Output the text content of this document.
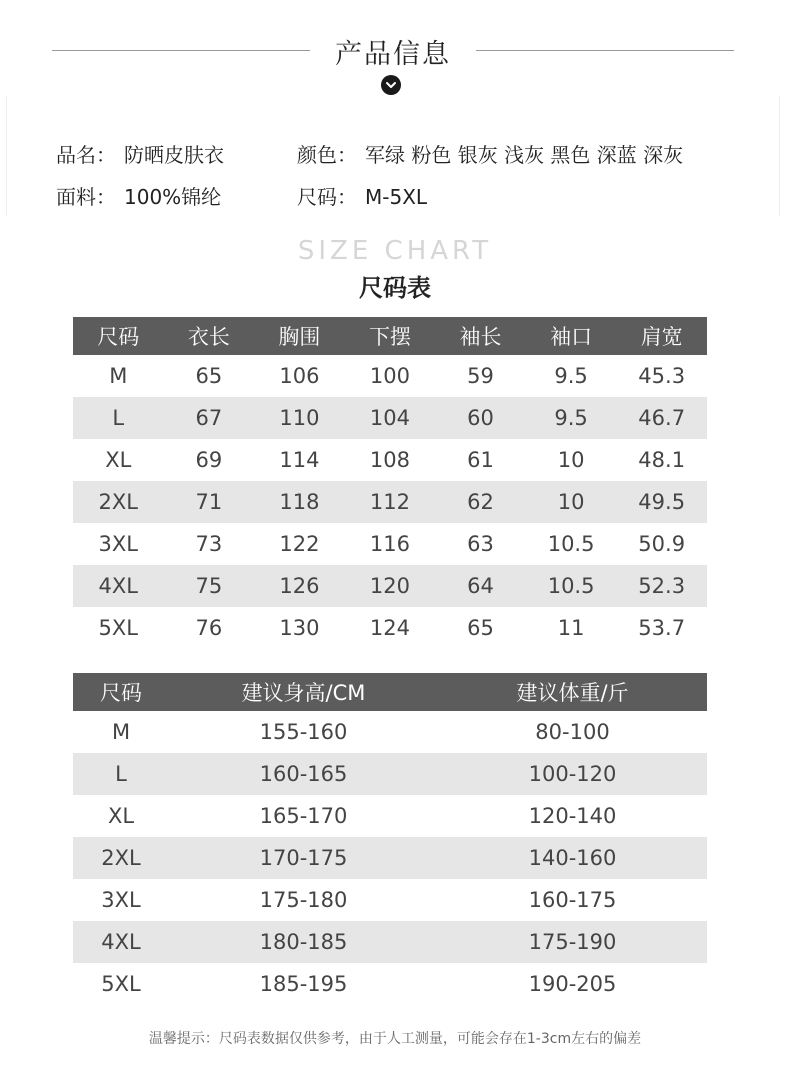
产品信息
品名： 防晒皮肤衣	颜色： 军绿 粉色 银灰 浅灰 黑色 深蓝 深灰
面料： 100%锦纶	尺码： M-5XL
SIZE CHART
尺码表
尺码	衣长	胸围	下摆	袖长	袖口	肩宽
M	65	106	100	59	9.5	45.3
L	67	110	104	60	9.5	46.7
XL	69	114	108	61	10	48.1
2XL	71	118	112	62	10	49.5
3XL	73	122	116	63	10.5	50.9
4XL	75	126	120	64	10.5	52.3
5XL	76	130	124	65	11	53.7
尺码	建议身高/CM	建议体重/斤
M	155-160	80-100
L	160-165	100-120
XL	165-170	120-140
2XL	170-175	140-160
3XL	175-180	160-175
4XL	180-185	175-190
5XL	185-195	190-205
温馨提示：尺码表数据仅供参考，由于人工测量，可能会存在1-3cm左右的偏差
